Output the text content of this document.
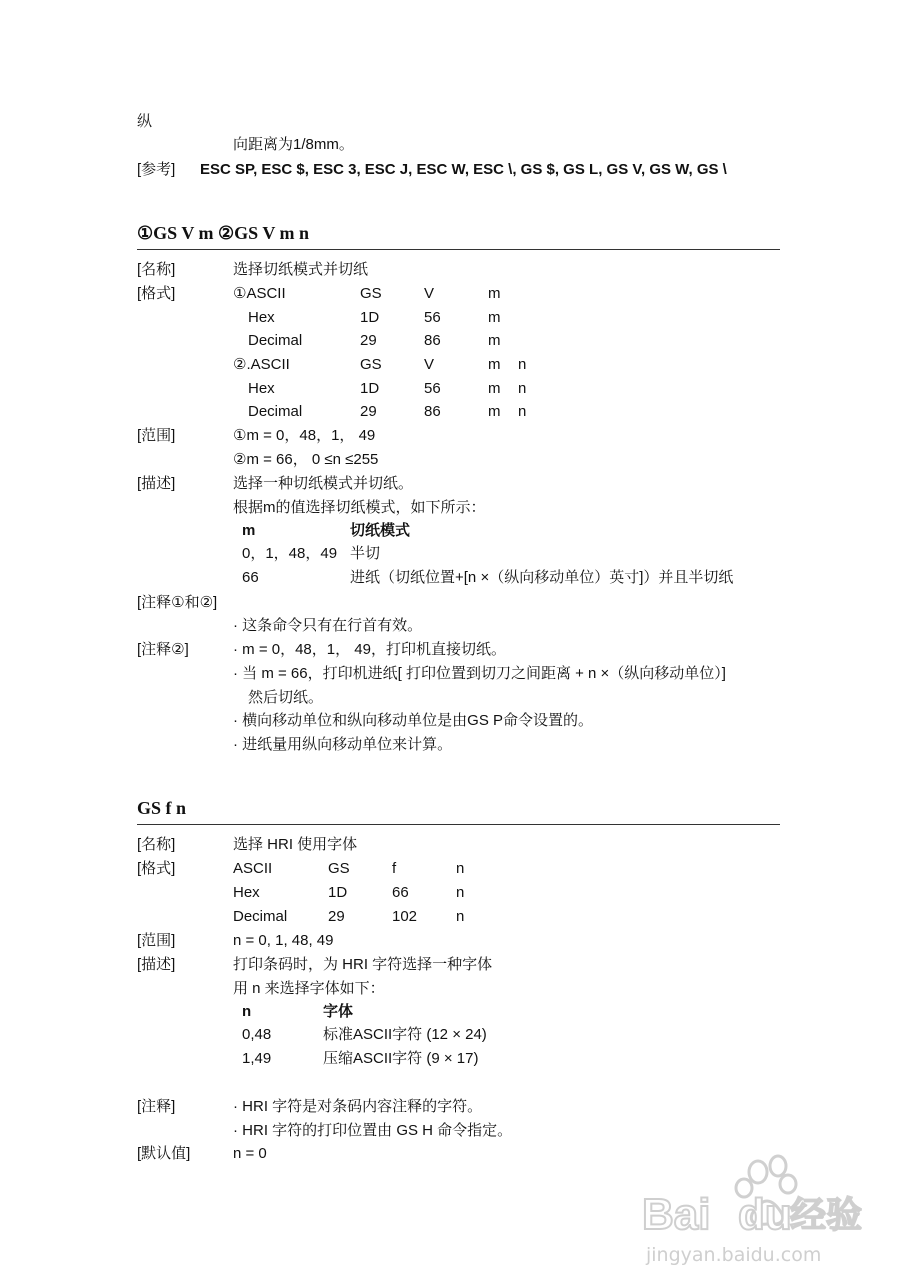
纵
向距离为1/8mm。
[参考] ESC SP, ESC $, ESC 3, ESC J, ESC W, ESC \, GS $, GS L, GS V, GS W, GS \
①GS V m ②GS V m n
[名称]	选择切纸模式并切纸
[格式]	①ASCII	GS	V	m
Hex	1D	56	m
Decimal	29	86	m
②.ASCII	GS	V	m n
Hex	1D	56	m n
Decimal	29	86	m n
[范围]	①m = 0，48，1， 49
②m = 66， 0 ≤n ≤255
[描述]	选择一种切纸模式并切纸。
根据m的值选择切纸模式，如下所示：
m	切纸模式
0，1，48，49 半切
66	进纸（切纸位置+[n ×（纵向移动单位）英寸]）并且半切纸
[注释①和②]
· 这条命令只有在行首有效。
[注释②]	· m = 0，48，1， 49，打印机直接切纸。
· 当 m = 66，打印机进纸[ 打印位置到切刀之间距离 + n ×（纵向移动单位）]
然后切纸。
· 横向移动单位和纵向移动单位是由GS P命令设置的。
· 进纸量用纵向移动单位来计算。
GS f n
[名称]	选择 HRI 使用字体
[格式]	ASCII	GS	f	n
Hex	1D	66	n
Decimal	29	102	n
[范围]	n = 0, 1, 48, 49
[描述]	打印条码时，为 HRI 字符选择一种字体
用 n 来选择字体如下：
n	字体
0,48	标准ASCII字符 (12 × 24)
1,49	压缩ASCII字符 (9 × 17)
[注释]	· HRI 字符是对条码内容注释的字符。
· HRI 字符的打印位置由 GS H 命令指定。
[默认值]	n = 0
Bai du
经验
jingyan.baidu.com
